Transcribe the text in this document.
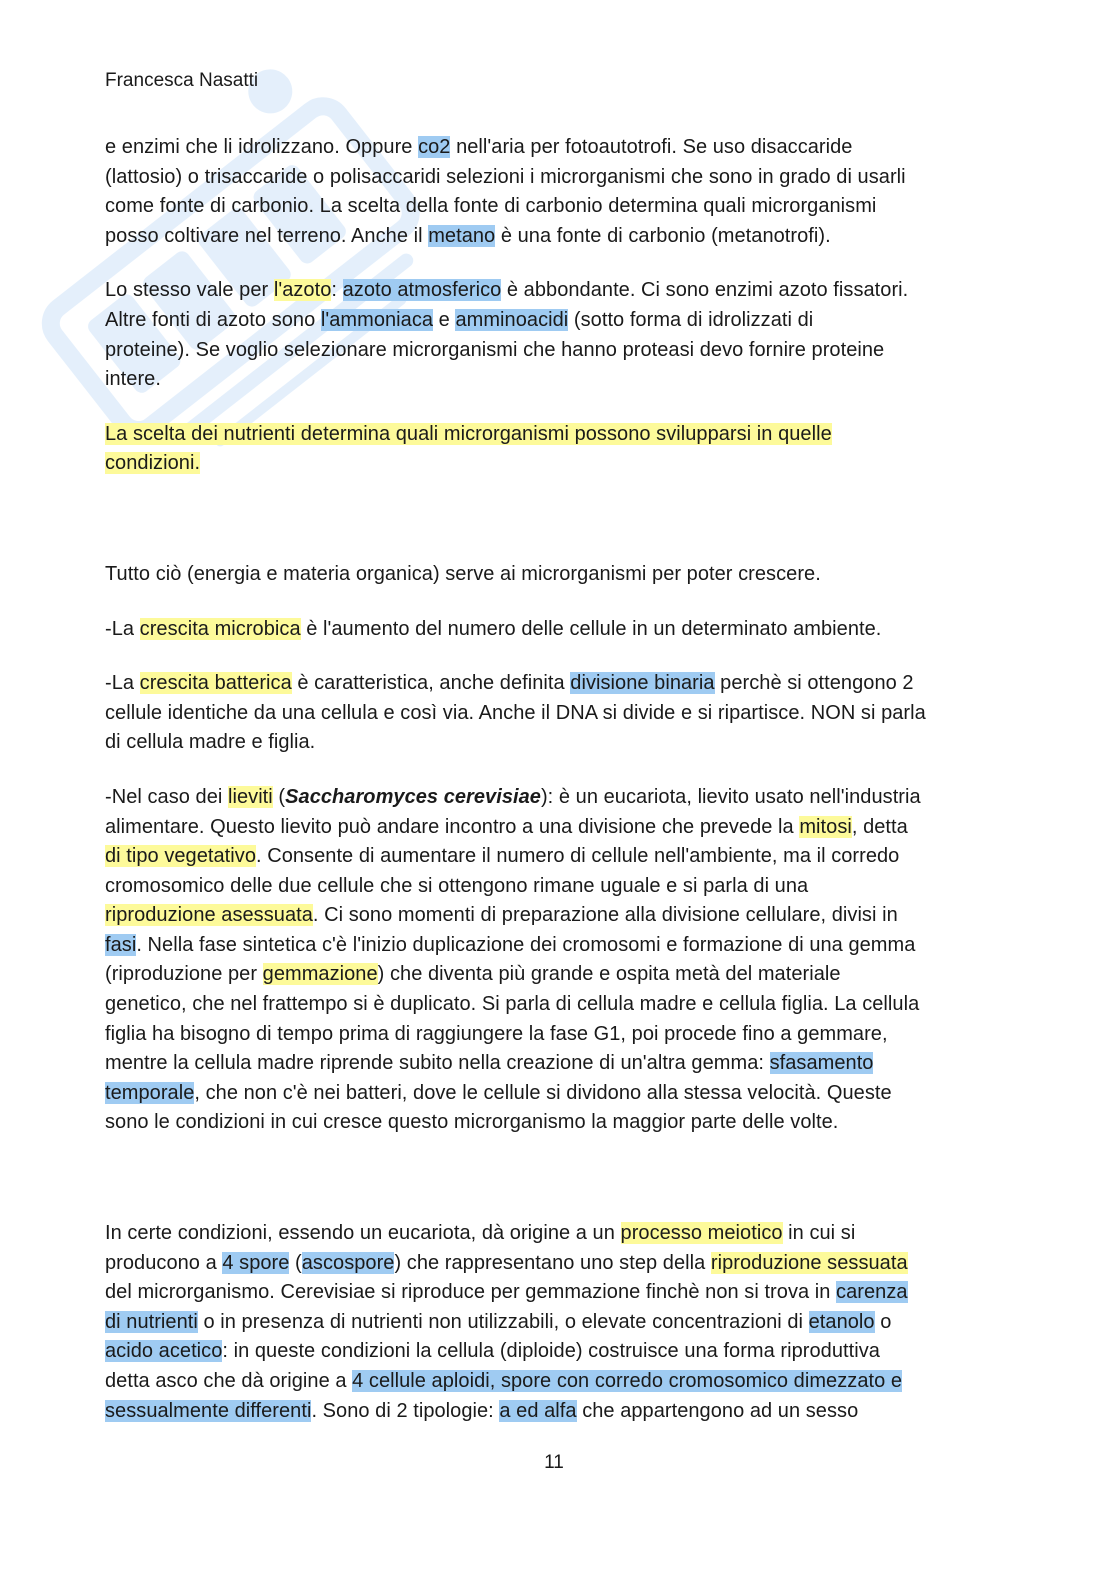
Francesca Nasatti

e enzimi che li idrolizzano. Oppure co2 nell'aria per fotoautotrofi. Se uso disaccaride
(lattosio) o trisaccaride o polisaccaridi selezioni i microrganismi che sono in grado di usarli
come fonte di carbonio. La scelta della fonte di carbonio determina quali microrganismi
posso coltivare nel terreno. Anche il metano è una fonte di carbonio (metanotrofi).

Lo stesso vale per l'azoto: azoto atmosferico è abbondante. Ci sono enzimi azoto fissatori.
Altre fonti di azoto sono l'ammoniaca e amminoacidi (sotto forma di idrolizzati di
proteine). Se voglio selezionare microrganismi che hanno proteasi devo fornire proteine
intere.

La scelta dei nutrienti determina quali microrganismi possono svilupparsi in quelle
condizioni.

Tutto ciò (energia e materia organica) serve ai microrganismi per poter crescere.

-La crescita microbica è l'aumento del numero delle cellule in un determinato ambiente.

-La crescita batterica è caratteristica, anche definita divisione binaria perchè si ottengono 2
cellule identiche da una cellula e così via. Anche il DNA si divide e si ripartisce. NON si parla
di cellula madre e figlia.

-Nel caso dei lieviti (Saccharomyces cerevisiae): è un eucariota, lievito usato nell'industria
alimentare. Questo lievito può andare incontro a una divisione che prevede la mitosi, detta
di tipo vegetativo. Consente di aumentare il numero di cellule nell'ambiente, ma il corredo
cromosomico delle due cellule che si ottengono rimane uguale e si parla di una
riproduzione asessuata. Ci sono momenti di preparazione alla divisione cellulare, divisi in
fasi. Nella fase sintetica c'è l'inizio duplicazione dei cromosomi e formazione di una gemma
(riproduzione per gemmazione) che diventa più grande e ospita metà del materiale
genetico, che nel frattempo si è duplicato. Si parla di cellula madre e cellula figlia. La cellula
figlia ha bisogno di tempo prima di raggiungere la fase G1, poi procede fino a gemmare,
mentre la cellula madre riprende subito nella creazione di un'altra gemma: sfasamento
temporale, che non c'è nei batteri, dove le cellule si dividono alla stessa velocità. Queste
sono le condizioni in cui cresce questo microrganismo la maggior parte delle volte.

In certe condizioni, essendo un eucariota, dà origine a un processo meiotico in cui si
producono a 4 spore (ascospore) che rappresentano uno step della riproduzione sessuata
del microrganismo. Cerevisiae si riproduce per gemmazione finchè non si trova in carenza
di nutrienti o in presenza di nutrienti non utilizzabili, o elevate concentrazioni di etanolo o
acido acetico: in queste condizioni la cellula (diploide) costruisce una forma riproduttiva
detta asco che dà origine a 4 cellule aploidi, spore con corredo cromosomico dimezzato e
sessualmente differenti. Sono di 2 tipologie: a ed alfa che appartengono ad un sesso

11
